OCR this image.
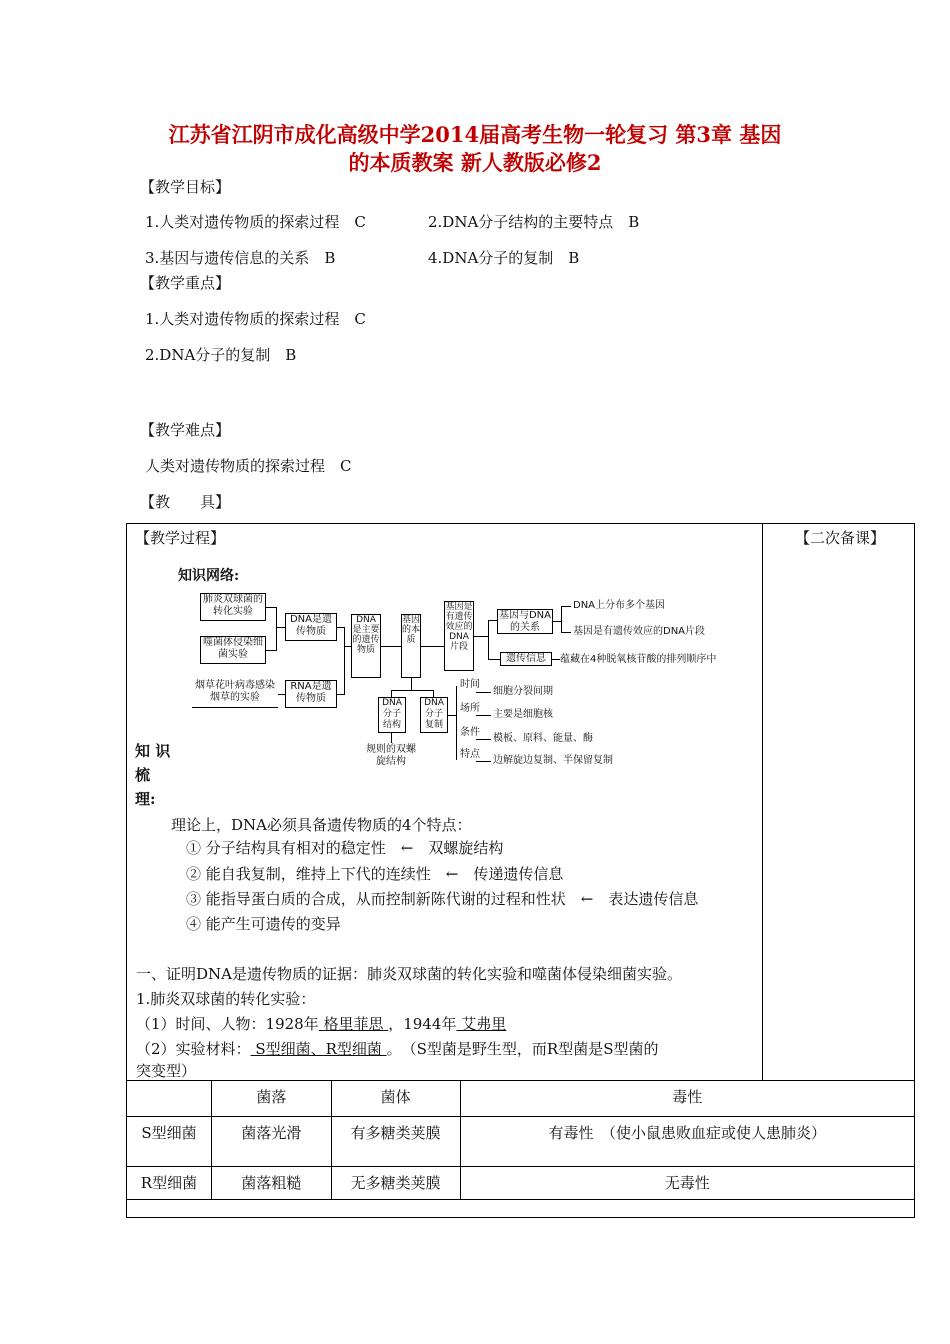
江苏省江阴市成化高级中学2014届高考生物一轮复习 第3章 基因
的本质教案 新人教版必修2
【教学目标】
1.人类对遗传物质的探索过程　C	2.DNA分子结构的主要特点　B
3.基因与遗传信息的关系　B	4.DNA分子的复制　B
【教学重点】
1.人类对遗传物质的探索过程　C
2.DNA分子的复制　B
【教学难点】
人类对遗传物质的探索过程　C
【教　　具】
【教学过程】	【二次备课】
知识网络:
肺炎双球菌的转化实验
噬菌体侵染细菌实验
烟草花叶病毒感染烟草的实验
DNA是遗传物质
RNA是遗传物质
DNA是主要的遗传物质
基因的本质
基因是有遗传效应的DNA片段
基因与DNA的关系
遗传信息
DNA上分布多个基因
基因是有遗传效应的DNA片段
蕴藏在4种脱氧核苷酸的排列顺序中
DNA分子结构
DNA分子复制
规则的双螺旋结构
时间
场所
条件
特点
细胞分裂间期
主要是细胞核
模板、原料、能量、酶
边解旋边复制、半保留复制
知 识
梳
理:
理论上，DNA必须具备遗传物质的4个特点：
① 分子结构具有相对的稳定性　←　双螺旋结构
② 能自我复制，维持上下代的连续性　←　传递遗传信息
③ 能指导蛋白质的合成，从而控制新陈代谢的过程和性状　←　表达遗传信息
④ 能产生可遗传的变异
一、证明DNA是遗传物质的证据：肺炎双球菌的转化实验和噬菌体侵染细菌实验。
1.肺炎双球菌的转化实验：
（1）时间、人物：1928年 格里菲思 ，1944年 艾弗里
（2）实验材料： S型细菌、R型细菌 。　（S型菌是野生型，而R型菌是S型菌的
突变型）
	菌落	菌体	毒性
S型细菌	菌落光滑	有多糖类荚膜	有毒性　（使小鼠患败血症或使人患肺炎）
R型细菌	菌落粗糙	无多糖类荚膜	无毒性
